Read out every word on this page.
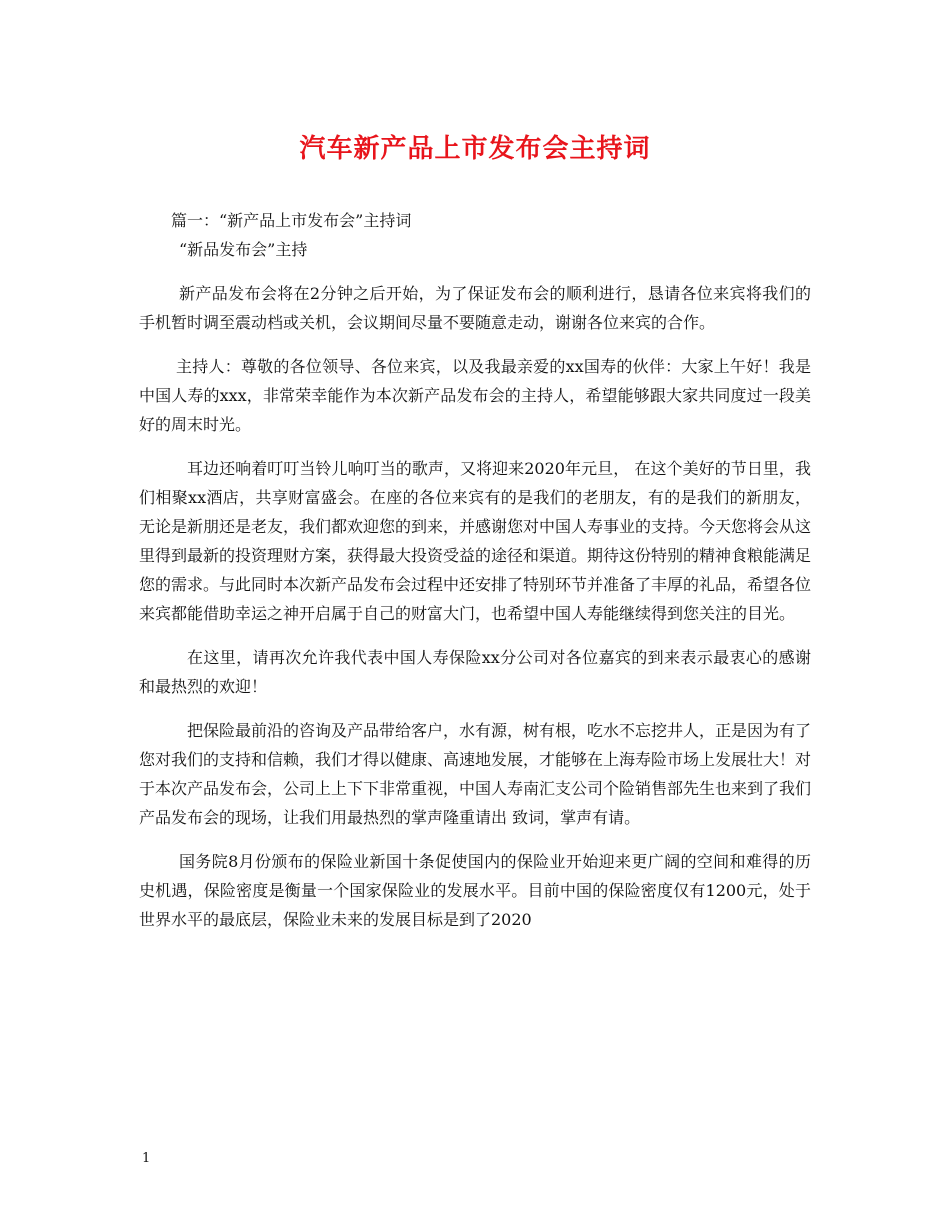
汽车新产品上市发布会主持词

篇一：“新产品上市发布会”主持词

“新品发布会”主持

新产品发布会将在2分钟之后开始，为了保证发布会的顺利进行，恳请各位来宾将我们的手机暂时调至震动档或关机，会议期间尽量不要随意走动，谢谢各位来宾的合作。

主持人：尊敬的各位领导、各位来宾，以及我最亲爱的xx国寿的伙伴：大家上午好！我是中国人寿的xxx，非常荣幸能作为本次新产品发布会的主持人，希望能够跟大家共同度过一段美好的周末时光。

耳边还响着叮叮当铃儿响叮当的歌声，又将迎来2020年元旦， 在这个美好的节日里，我们相聚xx酒店，共享财富盛会。在座的各位来宾有的是我们的老朋友，有的是我们的新朋友，无论是新朋还是老友，我们都欢迎您的到来，并感谢您对中国人寿事业的支持。今天您将会从这里得到最新的投资理财方案，获得最大投资受益的途径和渠道。期待这份特别的精神食粮能满足您的需求。与此同时本次新产品发布会过程中还安排了特别环节并准备了丰厚的礼品，希望各位来宾都能借助幸运之神开启属于自己的财富大门，也希望中国人寿能继续得到您关注的目光。

在这里，请再次允许我代表中国人寿保险xx分公司对各位嘉宾的到来表示最衷心的感谢和最热烈的欢迎！

把保险最前沿的咨询及产品带给客户，水有源，树有根，吃水不忘挖井人，正是因为有了您对我们的支持和信赖，我们才得以健康、高速地发展，才能够在上海寿险市场上发展壮大！对于本次产品发布会，公司上上下下非常重视，中国人寿南汇支公司个险销售部先生也来到了我们产品发布会的现场，让我们用最热烈的掌声隆重请出 致词，掌声有请。

国务院8月份颁布的保险业新国十条促使国内的保险业开始迎来更广阔的空间和难得的历史机遇，保险密度是衡量一个国家保险业的发展水平。目前中国的保险密度仅有1200元，处于世界水平的最底层，保险业未来的发展目标是到了2020

1
